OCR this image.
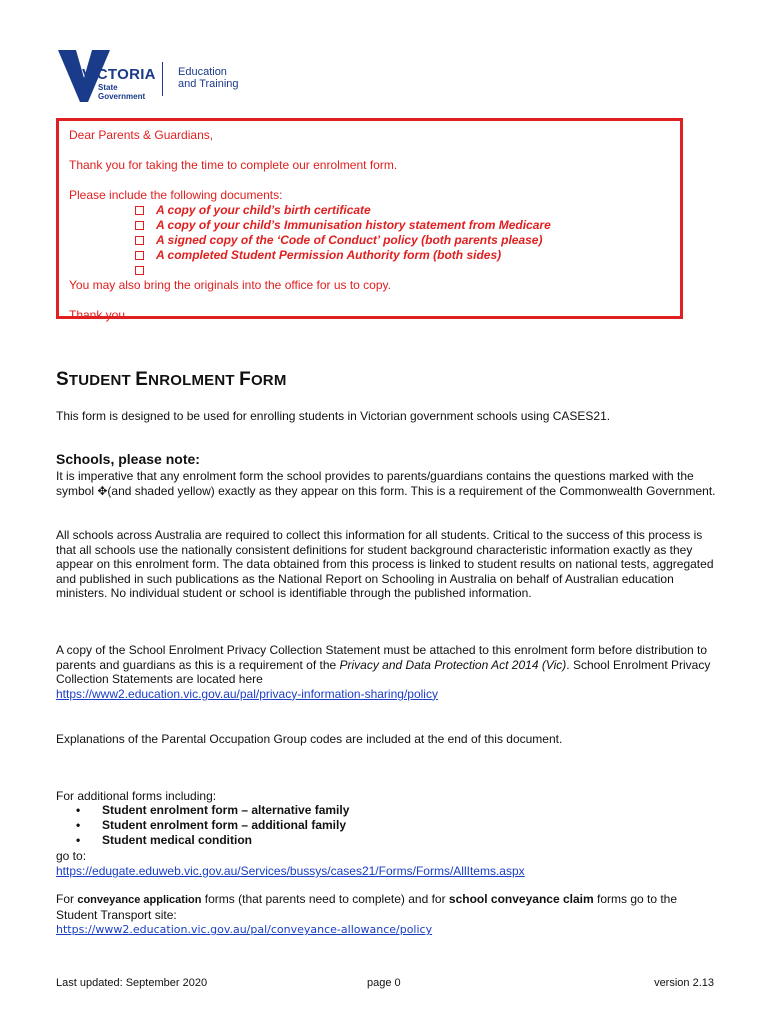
VICTORIA
State
Government
Education
and Training

Dear Parents & Guardians,

Thank you for taking the time to complete our enrolment form.

Please include the following documents:

A copy of your child’s birth certificate
A copy of your child’s Immunisation history statement from Medicare
A signed copy of the ‘Code of Conduct’ policy (both parents please)
A completed Student Permission Authority form (both sides)

You may also bring the originals into the office for us to copy.

Thank you

STUDENT ENROLMENT FORM

This form is designed to be used for enrolling students in Victorian government schools using CASES21.

Schools, please note:

It is imperative that any enrolment form the school provides to parents/guardians contains the questions marked with the symbol ✥(and shaded yellow) exactly as they appear on this form. This is a requirement of the Commonwealth Government.

All schools across Australia are required to collect this information for all students. Critical to the success of this process is that all schools use the nationally consistent definitions for student background characteristic information exactly as they appear on this enrolment form. The data obtained from this process is linked to student results on national tests, aggregated and published in such publications as the National Report on Schooling in Australia on behalf of Australian education ministers. No individual student or school is identifiable through the published information.

A copy of the School Enrolment Privacy Collection Statement must be attached to this enrolment form before distribution to parents and guardians as this is a requirement of the Privacy and Data Protection Act 2014 (Vic). School Enrolment Privacy Collection Statements are located here
https://www2.education.vic.gov.au/pal/privacy-information-sharing/policy

Explanations of the Parental Occupation Group codes are included at the end of this document.

For additional forms including:

• Student enrolment form – alternative family
• Student enrolment form – additional family
• Student medical condition

go to:

https://edugate.eduweb.vic.gov.au/Services/bussys/cases21/Forms/Forms/AllItems.aspx

For conveyance application forms (that parents need to complete) and for school conveyance claim forms go to the Student Transport site:
https://www2.education.vic.gov.au/pal/conveyance-allowance/policy

Last updated: September 2020	page 0	version 2.13
